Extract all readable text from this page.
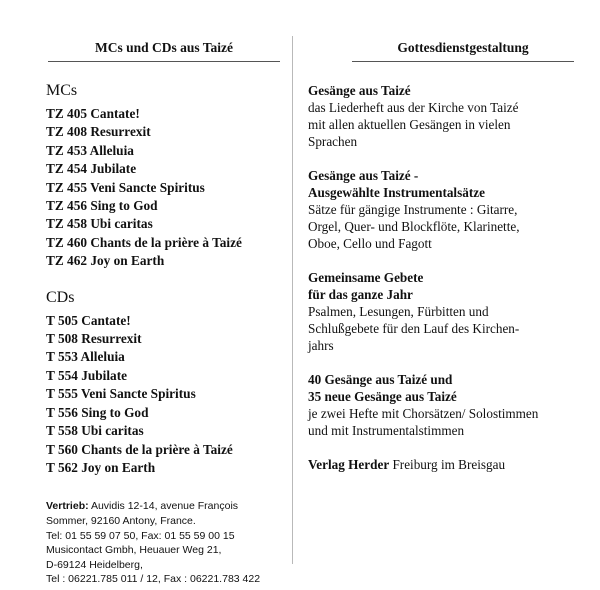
MCs und CDs aus Taizé
MCs
TZ 405 Cantate!
TZ 408 Resurrexit
TZ 453 Alleluia
TZ 454 Jubilate
TZ 455 Veni Sancte Spiritus
TZ 456 Sing to God
TZ 458 Ubi caritas
TZ 460 Chants de la prière à Taizé
TZ 462 Joy on Earth
CDs
T 505 Cantate!
T 508 Resurrexit
T 553 Alleluia
T 554 Jubilate
T 555 Veni Sancte Spiritus
T 556 Sing to God
T 558 Ubi caritas
T 560 Chants de la prière à Taizé
T 562 Joy on Earth
Vertrieb: Auvidis 12-14, avenue François
Sommer, 92160 Antony, France.
Tel: 01 55 59 07 50, Fax: 01 55 59 00 15
Musicontact Gmbh, Heuauer Weg 21,
D-69124 Heidelberg,
Tel : 06221.785 011 / 12, Fax : 06221.783 422
Gottesdienstgestaltung
Gesänge aus Taizé
das Liederheft aus der Kirche von Taizé
mit allen aktuellen Gesängen in vielen
Sprachen
Gesänge aus Taizé -
Ausgewählte Instrumentalsätze
Sätze für gängige Instrumente : Gitarre,
Orgel, Quer- und Blockflöte, Klarinette,
Oboe, Cello und Fagott
Gemeinsame Gebete
für das ganze Jahr
Psalmen, Lesungen, Fürbitten und
Schlußgebete für den Lauf des Kirchen-
jahrs
40 Gesänge aus Taizé und
35 neue Gesänge aus Taizé
je zwei Hefte mit Chorsätzen/ Solostimmen
und mit Instrumentalstimmen
Verlag Herder Freiburg im Breisgau
